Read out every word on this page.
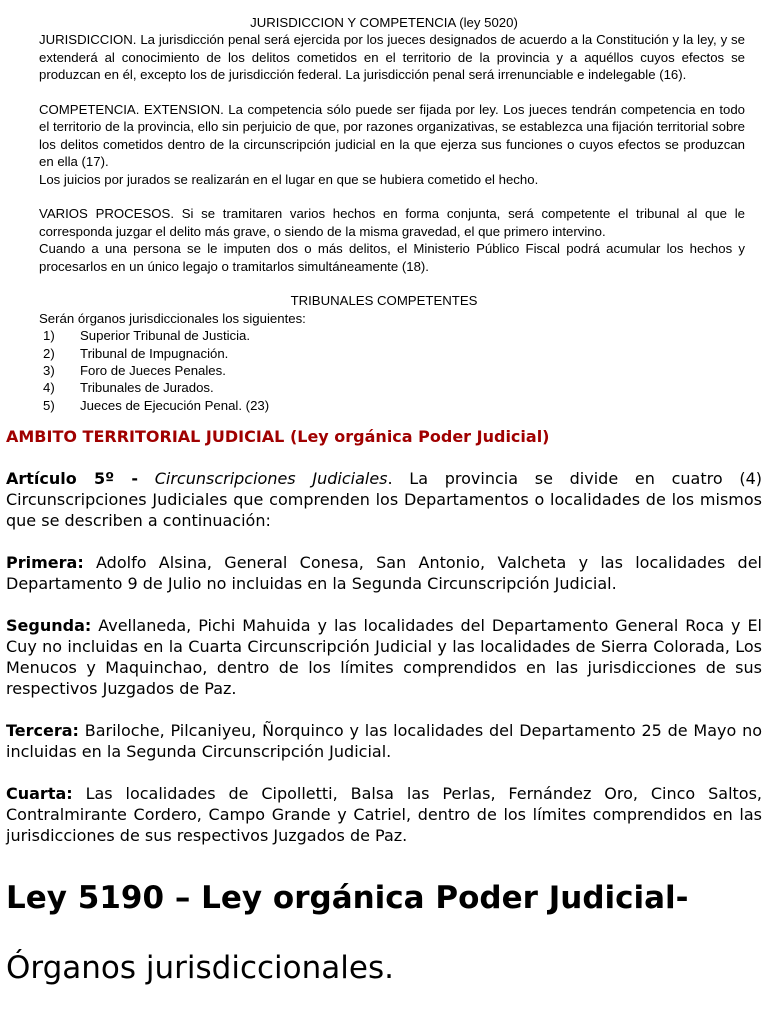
JURISDICCION Y COMPETENCIA (ley 5020)

JURISDICCION. La jurisdicción penal será ejercida por los jueces designados de acuerdo a la Constitución y la ley, y se extenderá al conocimiento de los delitos cometidos en el territorio de la provincia y a aquéllos cuyos efectos se produzcan en él, excepto los de jurisdicción federal. La jurisdicción penal será irrenunciable e indelegable (16).

COMPETENCIA. EXTENSION. La competencia sólo puede ser fijada por ley. Los jueces tendrán competencia en todo el territorio de la provincia, ello sin perjuicio de que, por razones organizativas, se establezca una fijación territorial sobre los delitos cometidos dentro de la circunscripción judicial en la que ejerza sus funciones o cuyos efectos se produzcan en ella (17).

Los juicios por jurados se realizarán en el lugar en que se hubiera cometido el hecho.

VARIOS PROCESOS. Si se tramitaren varios hechos en forma conjunta, será competente el tribunal al que le corresponda juzgar el delito más grave, o siendo de la misma gravedad, el que primero intervino.

Cuando a una persona se le imputen dos o más delitos, el Ministerio Público Fiscal podrá acumular los hechos y procesarlos en un único legajo o tramitarlos simultáneamente (18).

TRIBUNALES COMPETENTES

Serán órganos jurisdiccionales los siguientes:

1)	Superior Tribunal de Justicia.
2)	Tribunal de Impugnación.
3)	Foro de Jueces Penales.
4)	Tribunales de Jurados.
5)	Jueces de Ejecución Penal. (23)

AMBITO TERRITORIAL JUDICIAL (Ley orgánica Poder Judicial)

Artículo 5º - Circunscripciones Judiciales. La provincia se divide en cuatro (4) Circunscripciones Judiciales que comprenden los Departamentos o localidades de los mismos que se describen a continuación:

Primera: Adolfo Alsina, General Conesa, San Antonio, Valcheta y las localidades del Departamento 9 de Julio no incluidas en la Segunda Circunscripción Judicial.

Segunda: Avellaneda, Pichi Mahuida y las localidades del Departamento General Roca y El Cuy no incluidas en la Cuarta Circunscripción Judicial y las localidades de Sierra Colorada, Los Menucos y Maquinchao, dentro de los límites comprendidos en las jurisdicciones de sus respectivos Juzgados de Paz.

Tercera: Bariloche, Pilcaniyeu, Ñorquinco y las localidades del Departamento 25 de Mayo no incluidas en la Segunda Circunscripción Judicial.

Cuarta: Las localidades de Cipolletti, Balsa las Perlas, Fernández Oro, Cinco Saltos, Contralmirante Cordero, Campo Grande y Catriel, dentro de los límites comprendidos en las jurisdicciones de sus respectivos Juzgados de Paz.

Ley 5190 – Ley orgánica Poder Judicial-
Órganos jurisdiccionales.
